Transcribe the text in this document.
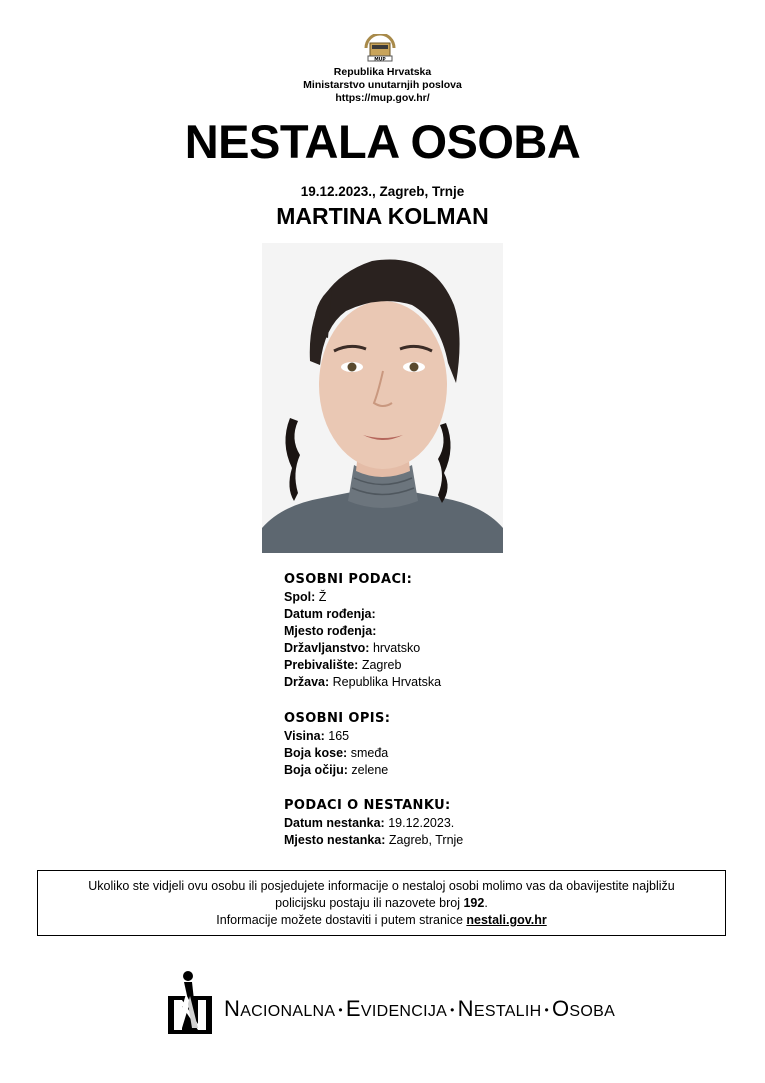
MUP
Republika Hrvatska
Ministarstvo unutarnjih poslova
https://mup.gov.hr/
NESTALA OSOBA
19.12.2023., Zagreb, Trnje
MARTINA KOLMAN
OSOBNI PODACI:
Spol: Ž
Datum rođenja:
Mjesto rođenja:
Državljanstvo: hrvatsko
Prebivalište: Zagreb
Država: Republika Hrvatska
OSOBNI OPIS:
Visina: 165
Boja kose: smeđa
Boja očiju: zelene
PODACI O NESTANKU:
Datum nestanka: 19.12.2023.
Mjesto nestanka: Zagreb, Trnje
Ukoliko ste vidjeli ovu osobu ili posjedujete informacije o nestaloj osobi molimo vas da obavijestite najbližu
policijsku postaju ili nazovete broj 192.
Informacije možete dostaviti i putem stranice nestali.gov.hr
NACIONALNA • EVIDENCIJA • NESTALIH • OSOBA
